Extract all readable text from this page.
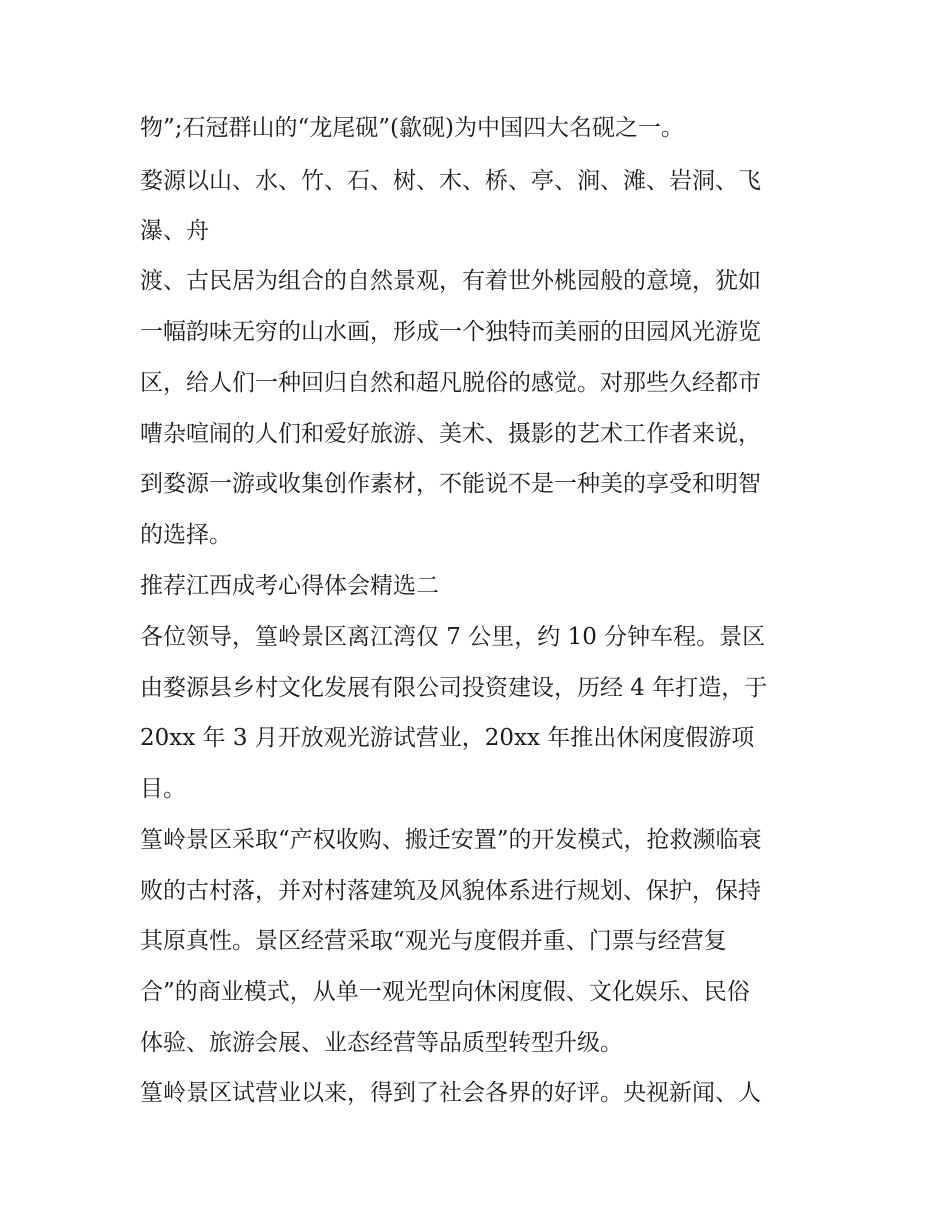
物”;石冠群山的“龙尾砚”(歙砚)为中国四大名砚之一。
婺源以山、水、竹、石、树、木、桥、亭、涧、滩、岩洞、飞
瀑、舟
渡、古民居为组合的自然景观，有着世外桃园般的意境，犹如
一幅韵味无穷的山水画，形成一个独特而美丽的田园风光游览
区，给人们一种回归自然和超凡脱俗的感觉。对那些久经都市
嘈杂喧闹的人们和爱好旅游、美术、摄影的艺术工作者来说，
到婺源一游或收集创作素材，不能说不是一种美的享受和明智
的选择。
推荐江西成考心得体会精选二
各位领导，篁岭景区离江湾仅 7 公里，约 10 分钟车程。景区
由婺源县乡村文化发展有限公司投资建设，历经 4 年打造，于
20xx 年 3 月开放观光游试营业，20xx 年推出休闲度假游项
目。
篁岭景区采取“产权收购、搬迁安置”的开发模式，抢救濒临衰
败的古村落，并对村落建筑及风貌体系进行规划、保护，保持
其原真性。景区经营采取“观光与度假并重、门票与经营复
合”的商业模式，从单一观光型向休闲度假、文化娱乐、民俗
体验、旅游会展、业态经营等品质型转型升级。
篁岭景区试营业以来，得到了社会各界的好评。央视新闻、人
